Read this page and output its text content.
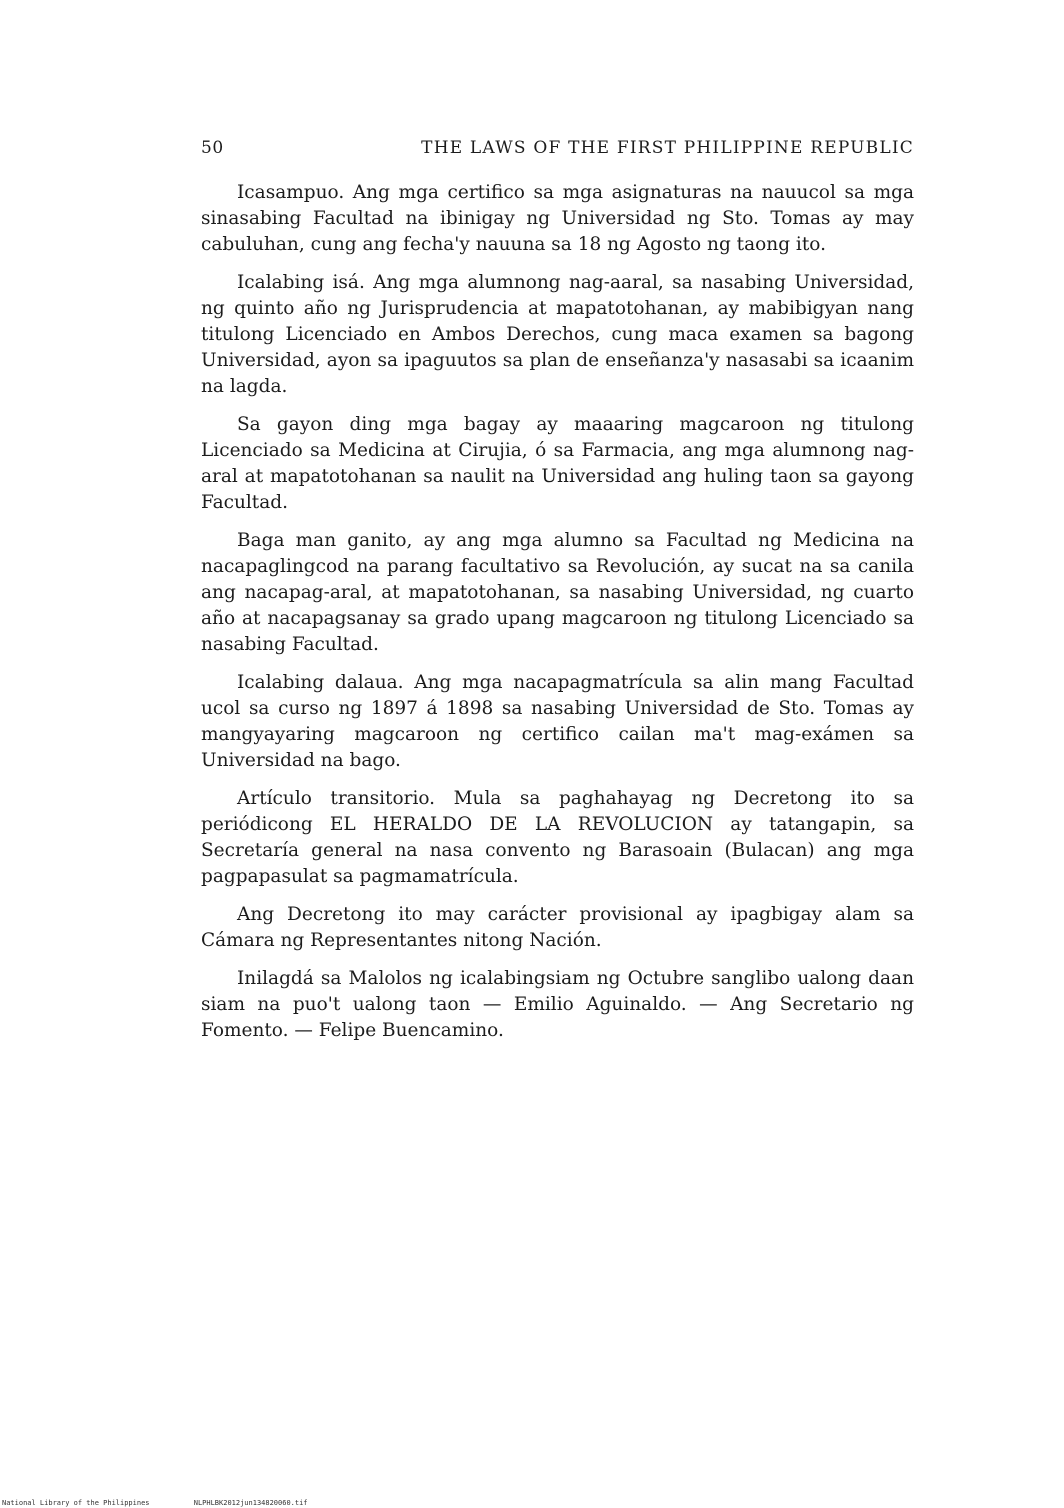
50	THE LAWS OF THE FIRST PHILIPPINE REPUBLIC

Icasampuo. Ang mga certifico sa mga asignaturas na nauucol sa mga sinasabing Facultad na ibinigay ng Universidad ng Sto. Tomas ay may cabuluhan, cung ang fecha'y nauuna sa 18 ng Agosto ng taong ito.

Icalabing isá. Ang mga alumnong nag-aaral, sa nasabing Universidad, ng quinto año ng Jurisprudencia at mapatotohanan, ay mabibigyan nang titulong Licenciado en Ambos Derechos, cung maca examen sa bagong Universidad, ayon sa ipaguutos sa plan de enseñanza'y nasasabi sa icaanim na lagda.

Sa gayon ding mga bagay ay maaaring magcaroon ng titulong Licenciado sa Medicina at Cirujia, ó sa Farmacia, ang mga alumnong nag-aral at mapatotohanan sa naulit na Universidad ang huling taon sa gayong Facultad.

Baga man ganito, ay ang mga alumno sa Facultad ng Medicina na nacapaglingcod na parang facultativo sa Revolución, ay sucat na sa canila ang nacapag-aral, at mapatotohanan, sa nasabing Universidad, ng cuarto año at nacapagsanay sa grado upang magcaroon ng titulong Licenciado sa nasabing Facultad.

Icalabing dalaua. Ang mga nacapagmatrícula sa alin mang Facultad ucol sa curso ng 1897 á 1898 sa nasabing Universidad de Sto. Tomas ay mangyayaring magcaroon ng certifico cailan ma't mag-exámen sa Universidad na bago.

Artículo transitorio. Mula sa paghahayag ng Decretong ito sa periódicong EL HERALDO DE LA REVOLUCION ay tatangapin, sa Secretaría general na nasa convento ng Barasoain (Bulacan) ang mga pagpapasulat sa pagmamatrícula.

Ang Decretong ito may carácter provisional ay ipagbigay alam sa Cámara ng Representantes nitong Nación.

Inilagdá sa Malolos ng icalabingsiam ng Octubre sanglibo ualong daan siam na puo't ualong taon — Emilio Aguinaldo. — Ang Secretario ng Fomento. — Felipe Buencamino.

National Library of the Philippines	NLPHLBK2012jun134820060.tif
